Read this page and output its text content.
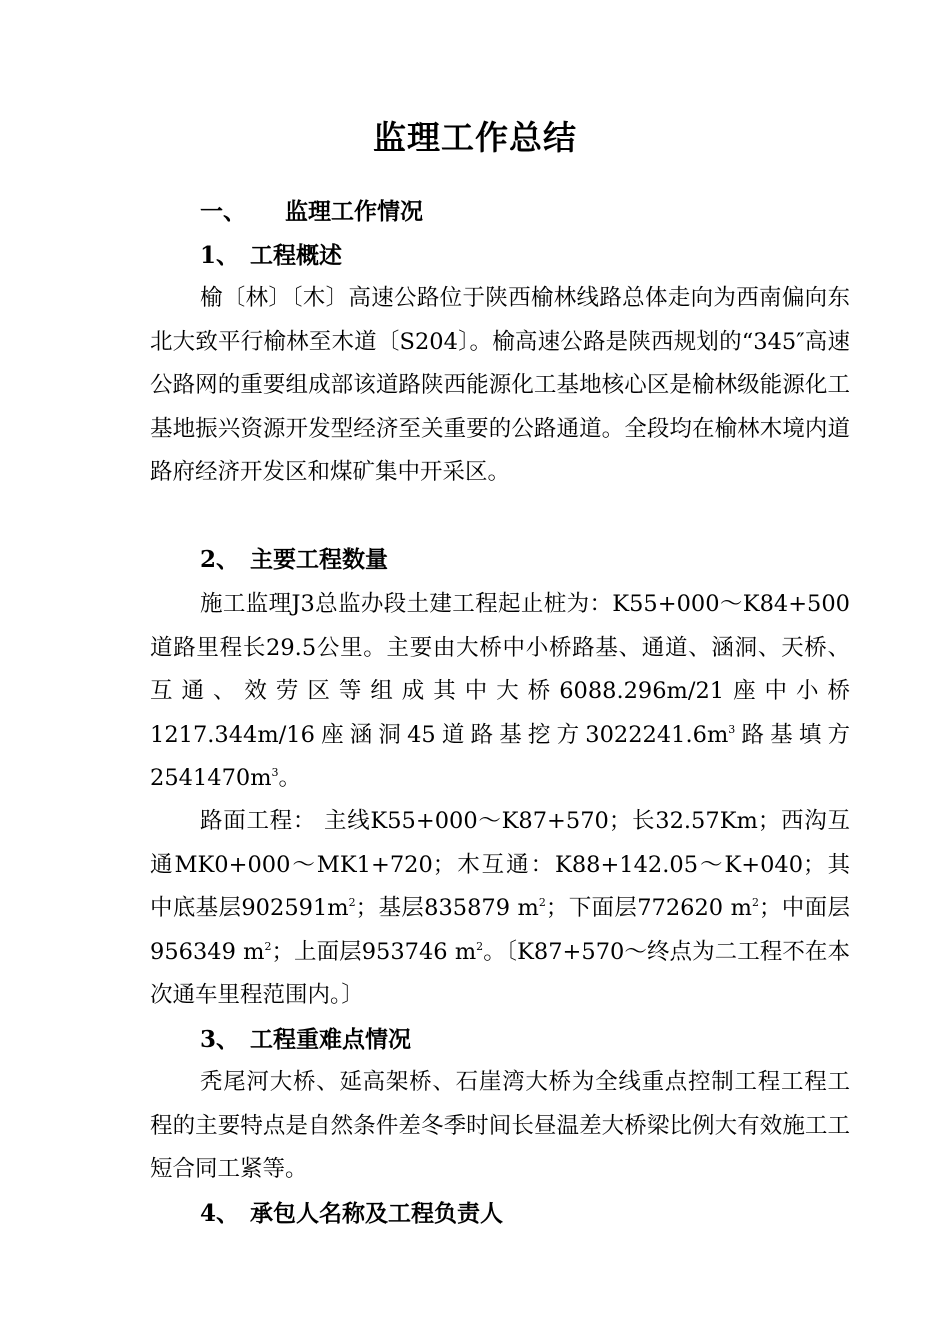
监理工作总结
一、 监理工作情况
1、 工程概述

榆〔林〕〔木〕高速公路位于陕西榆林线路总体走向为西南偏向东北大致平行榆林至木道〔S204〕。榆高速公路是陕西规划的“345″高速公路网的重要组成部该道路陕西能源化工基地核心区是榆林级能源化工基地振兴资源开发型经济至关重要的公路通道。全段均在榆林木境内道路府经济开发区和煤矿集中开采区。

2、 主要工程数量

施工监理J3总监办段土建工程起止桩为：K55+000～K84+500道路里程长29.5公里。主要由大桥中小桥路基、通道、涵洞、天桥、互通、效劳区等组成其中大桥6088.296m/21座中小桥1217.344m/16座涵洞45道路基挖方$3022241.6m^3$路基填方$2541470m^3$。

路面工程： 主线K55+000～K87+570；长32.57Km；西沟互通MK0+000～MK1+720；木互通：K88+142.05～K+040；其中底基层$902591m^2$；基层835879 $m^2$；下面层772620 $m^2$；中面层956349 $m^2$；上面层953746 $m^2$。〔K87+570～终点为二工程不在本次通车里程范围内。〕

3、 工程重难点情况

秃尾河大桥、延高架桥、石崖湾大桥为全线重点控制工程工程工程的主要特点是自然条件差冬季时间长昼温差大桥梁比例大有效施工工短合同工紧等。

4、 承包人名称及工程负责人
